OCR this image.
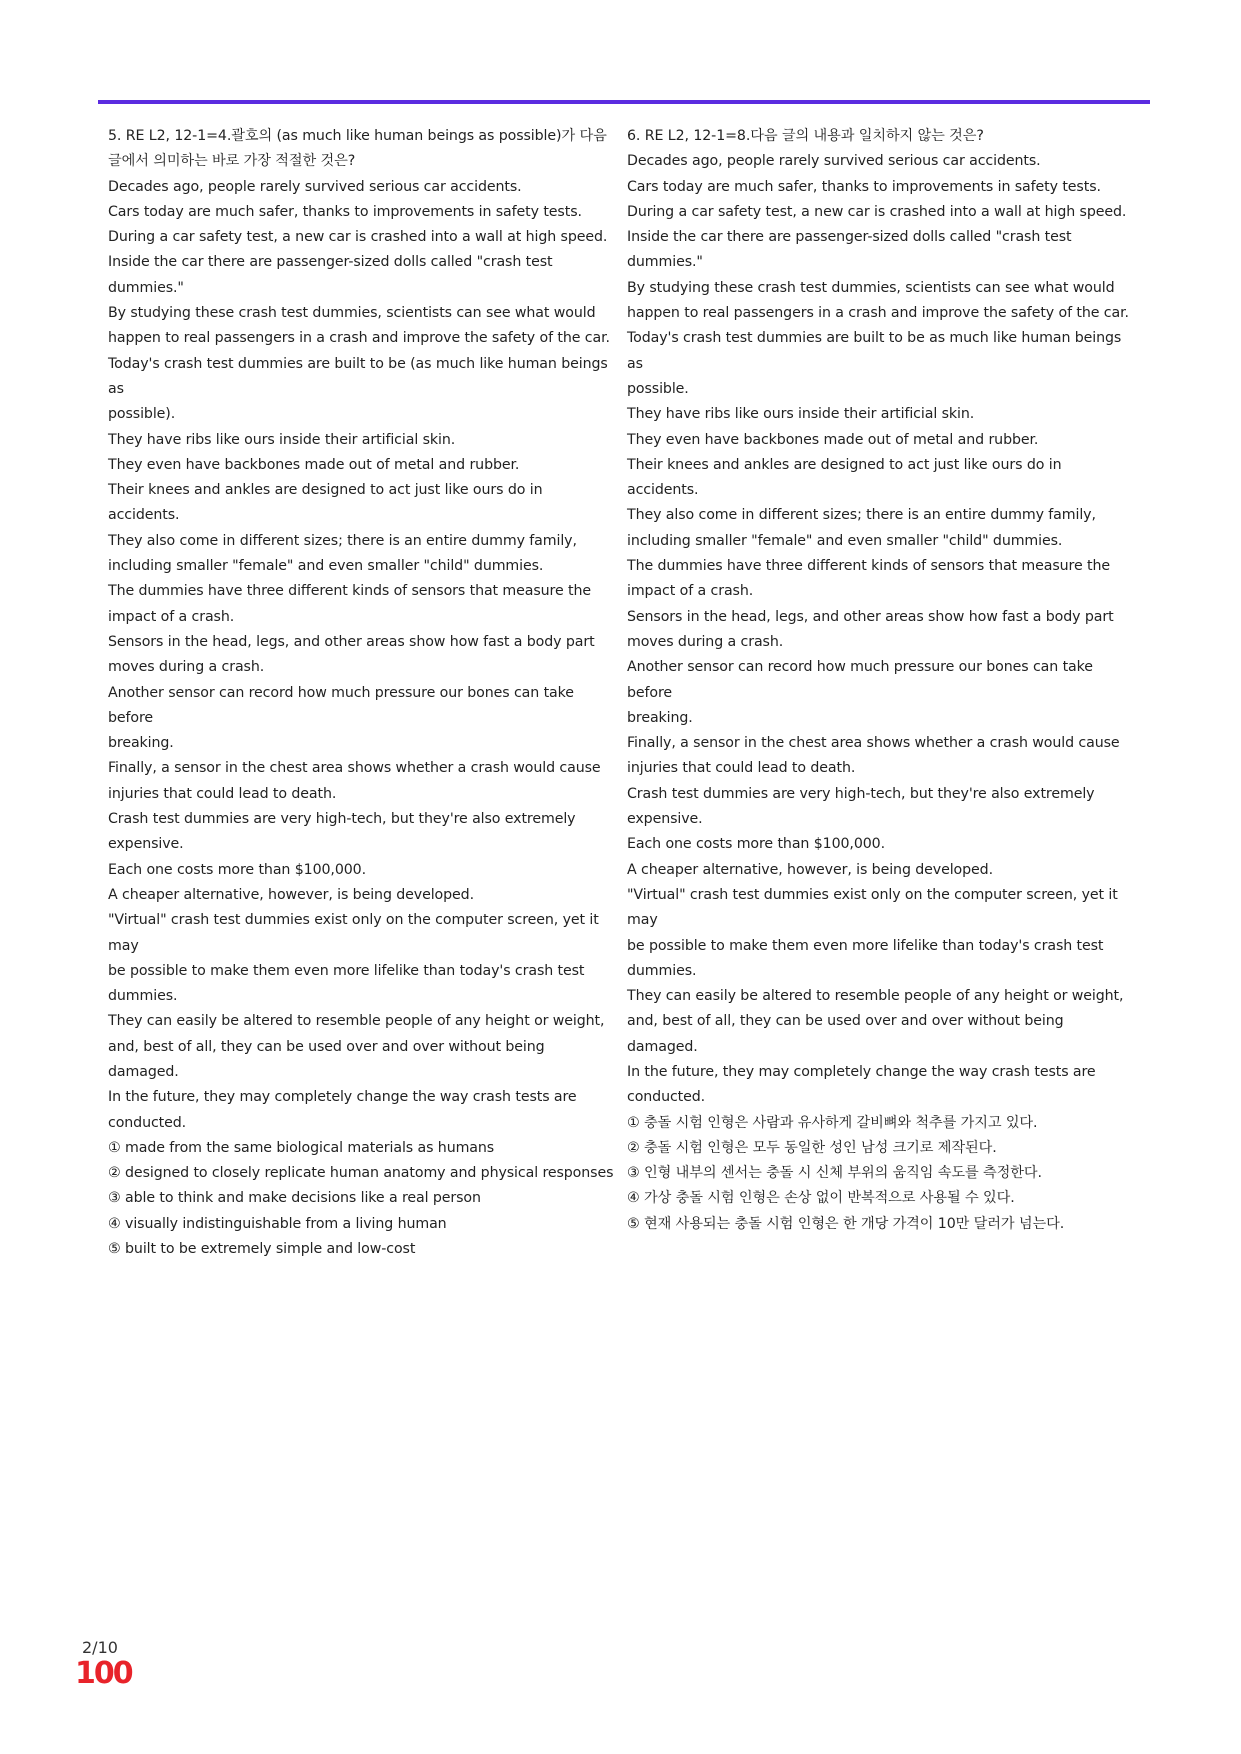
5. RE L2, 12-1=4.괄호의 (as much like human beings as possible)가 다음

글에서 의미하는 바로 가장 적절한 것은?

Decades ago, people rarely survived serious car accidents.

Cars today are much safer, thanks to improvements in safety tests.

During a car safety test, a new car is crashed into a wall at high speed.

Inside the car there are passenger-sized dolls called "crash test dummies."

By studying these crash test dummies, scientists can see what would

happen to real passengers in a crash and improve the safety of the car.

Today's crash test dummies are built to be (as much like human beings as

possible).

They have ribs like ours inside their artificial skin.

They even have backbones made out of metal and rubber.

Their knees and ankles are designed to act just like ours do in accidents.

They also come in different sizes; there is an entire dummy family,

including smaller "female" and even smaller "child" dummies.

The dummies have three different kinds of sensors that measure the

impact of a crash.

Sensors in the head, legs, and other areas show how fast a body part

moves during a crash.

Another sensor can record how much pressure our bones can take before

breaking.

Finally, a sensor in the chest area shows whether a crash would cause

injuries that could lead to death.

Crash test dummies are very high-tech, but they're also extremely

expensive.

Each one costs more than $100,000.

A cheaper alternative, however, is being developed.

"Virtual" crash test dummies exist only on the computer screen, yet it may

be possible to make them even more lifelike than today's crash test

dummies.

They can easily be altered to resemble people of any height or weight,

and, best of all, they can be used over and over without being damaged.

In the future, they may completely change the way crash tests are

conducted.

① made from the same biological materials as humans

② designed to closely replicate human anatomy and physical responses

③ able to think and make decisions like a real person

④ visually indistinguishable from a living human

⑤ built to be extremely simple and low-cost

6. RE L2, 12-1=8.다음 글의 내용과 일치하지 않는 것은?

Decades ago, people rarely survived serious car accidents.

Cars today are much safer, thanks to improvements in safety tests.

During a car safety test, a new car is crashed into a wall at high speed.

Inside the car there are passenger-sized dolls called "crash test dummies."

By studying these crash test dummies, scientists can see what would

happen to real passengers in a crash and improve the safety of the car.

Today's crash test dummies are built to be as much like human beings as

possible.

They have ribs like ours inside their artificial skin.

They even have backbones made out of metal and rubber.

Their knees and ankles are designed to act just like ours do in accidents.

They also come in different sizes; there is an entire dummy family,

including smaller "female" and even smaller "child" dummies.

The dummies have three different kinds of sensors that measure the

impact of a crash.

Sensors in the head, legs, and other areas show how fast a body part

moves during a crash.

Another sensor can record how much pressure our bones can take before

breaking.

Finally, a sensor in the chest area shows whether a crash would cause

injuries that could lead to death.

Crash test dummies are very high-tech, but they're also extremely

expensive.

Each one costs more than $100,000.

A cheaper alternative, however, is being developed.

"Virtual" crash test dummies exist only on the computer screen, yet it may

be possible to make them even more lifelike than today's crash test

dummies.

They can easily be altered to resemble people of any height or weight,

and, best of all, they can be used over and over without being damaged.

In the future, they may completely change the way crash tests are

conducted.

① 충돌 시험 인형은 사람과 유사하게 갈비뼈와 척추를 가지고 있다.

② 충돌 시험 인형은 모두 동일한 성인 남성 크기로 제작된다.

③ 인형 내부의 센서는 충돌 시 신체 부위의 움직임 속도를 측정한다.

④ 가상 충돌 시험 인형은 손상 없이 반복적으로 사용될 수 있다.

⑤ 현재 사용되는 충돌 시험 인형은 한 개당 가격이 10만 달러가 넘는다.

2/10
100
